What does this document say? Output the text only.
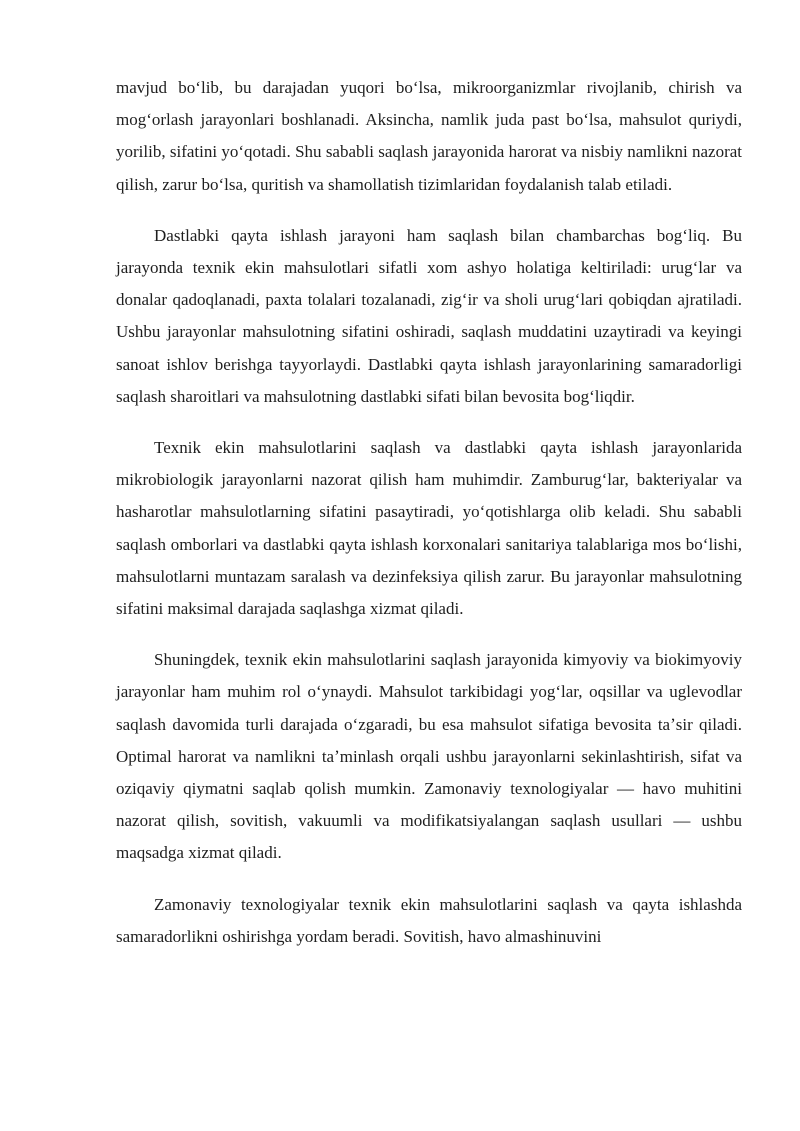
mavjud boʻlib, bu darajadan yuqori boʻlsa, mikroorganizmlar rivojlanib, chirish va mogʻorlash jarayonlari boshlanadi. Aksincha, namlik juda past boʻlsa, mahsulot quriydi, yorilib, sifatini yoʻqotadi. Shu sababli saqlash jarayonida harorat va nisbiy namlikni nazorat qilish, zarur boʻlsa, quritish va shamollatish tizimlaridan foydalanish talab etiladi.

Dastlabki qayta ishlash jarayoni ham saqlash bilan chambarchas bogʻliq. Bu jarayonda texnik ekin mahsulotlari sifatli xom ashyo holatiga keltiriladi: urugʻlar va donalar qadoqlanadi, paxta tolalari tozalanadi, zigʻir va sholi urugʻlari qobiqdan ajratiladi. Ushbu jarayonlar mahsulotning sifatini oshiradi, saqlash muddatini uzaytiradi va keyingi sanoat ishlov berishga tayyorlaydi. Dastlabki qayta ishlash jarayonlarining samaradorligi saqlash sharoitlari va mahsulotning dastlabki sifati bilan bevosita bogʻliqdir.

Texnik ekin mahsulotlarini saqlash va dastlabki qayta ishlash jarayonlarida mikrobiologik jarayonlarni nazorat qilish ham muhimdir. Zamburugʻlar, bakteriyalar va hasharotlar mahsulotlarning sifatini pasaytiradi, yoʻqotishlarga olib keladi. Shu sababli saqlash omborlari va dastlabki qayta ishlash korxonalari sanitariya talablariga mos boʻlishi, mahsulotlarni muntazam saralash va dezinfeksiya qilish zarur. Bu jarayonlar mahsulotning sifatini maksimal darajada saqlashga xizmat qiladi.

Shuningdek, texnik ekin mahsulotlarini saqlash jarayonida kimyoviy va biokimyoviy jarayonlar ham muhim rol oʻynaydi. Mahsulot tarkibidagi yogʻlar, oqsillar va uglevodlar saqlash davomida turli darajada oʻzgaradi, bu esa mahsulot sifatiga bevosita taʼsir qiladi. Optimal harorat va namlikni taʼminlash orqali ushbu jarayonlarni sekinlashtirish, sifat va oziqaviy qiymatni saqlab qolish mumkin. Zamonaviy texnologiyalar — havo muhitini nazorat qilish, sovitish, vakuumli va modifikatsiyalangan saqlash usullari — ushbu maqsadga xizmat qiladi.

Zamonaviy texnologiyalar texnik ekin mahsulotlarini saqlash va qayta ishlashda samaradorlikni oshirishga yordam beradi. Sovitish, havo almashinuvini
